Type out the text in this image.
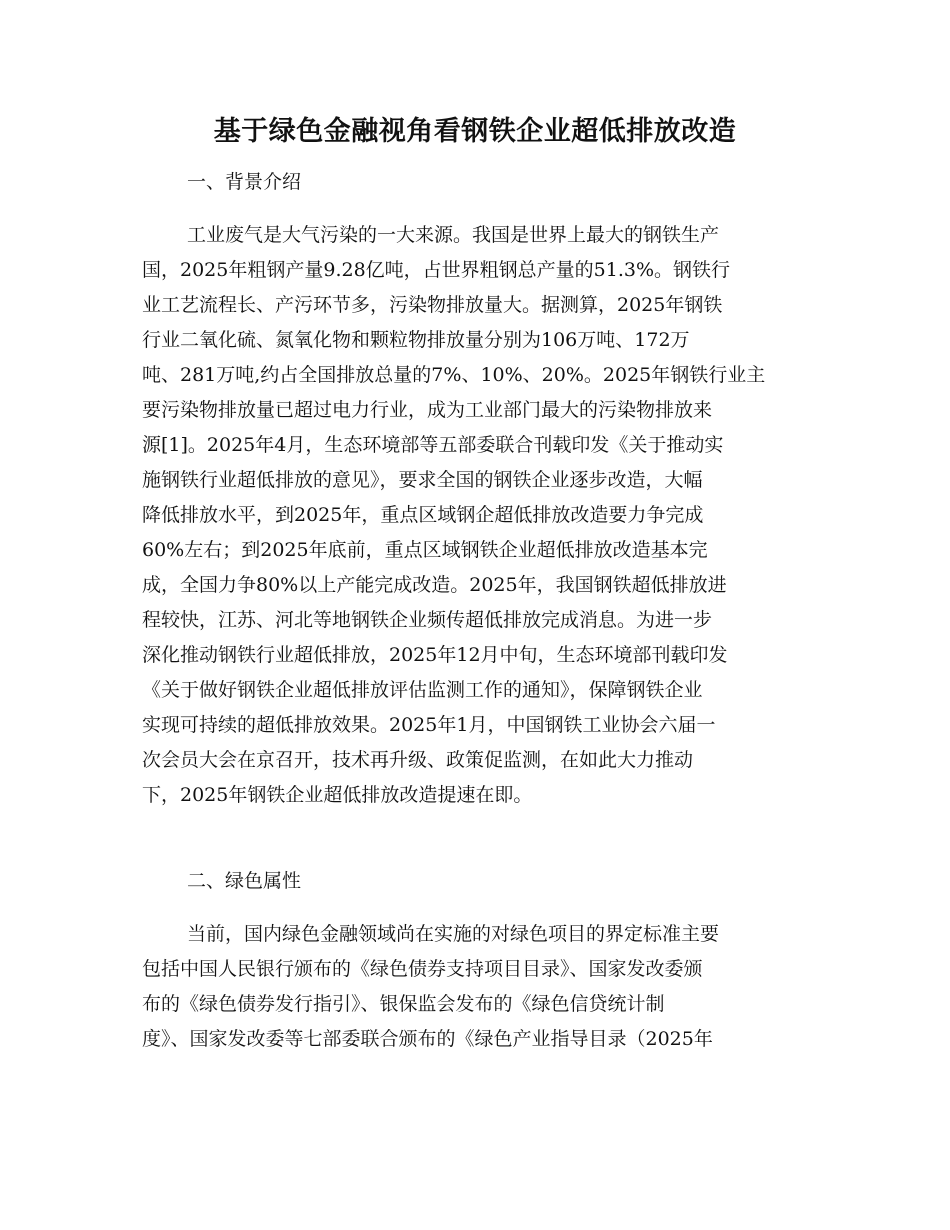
基于绿色金融视角看钢铁企业超低排放改造
一、背景介绍
工业废气是大气污染的一大来源。我国是世界上最大的钢铁生产
国，2025年粗钢产量9.28亿吨，占世界粗钢总产量的51.3%。钢铁行
业工艺流程长、产污环节多，污染物排放量大。据测算，2025年钢铁
行业二氧化硫、氮氧化物和颗粒物排放量分别为106万吨、172万
吨、281万吨,约占全国排放总量的7%、10%、20%。2025年钢铁行业主
要污染物排放量已超过电力行业，成为工业部门最大的污染物排放来
源[1]。2025年4月，生态环境部等五部委联合刊载印发《关于推动实
施钢铁行业超低排放的意见》，要求全国的钢铁企业逐步改造，大幅
降低排放水平，到2025年，重点区域钢企超低排放改造要力争完成
60%左右；到2025年底前，重点区域钢铁企业超低排放改造基本完
成，全国力争80%以上产能完成改造。2025年，我国钢铁超低排放进
程较快，江苏、河北等地钢铁企业频传超低排放完成消息。为进一步
深化推动钢铁行业超低排放，2025年12月中旬，生态环境部刊载印发
《关于做好钢铁企业超低排放评估监测工作的通知》，保障钢铁企业
实现可持续的超低排放效果。2025年1月，中国钢铁工业协会六届一
次会员大会在京召开，技术再升级、政策促监测，在如此大力推动
下，2025年钢铁企业超低排放改造提速在即。
二、绿色属性
当前，国内绿色金融领域尚在实施的对绿色项目的界定标准主要
包括中国人民银行颁布的《绿色债券支持项目目录》、国家发改委颁
布的《绿色债券发行指引》、银保监会发布的《绿色信贷统计制
度》、国家发改委等七部委联合颁布的《绿色产业指导目录（2025年
